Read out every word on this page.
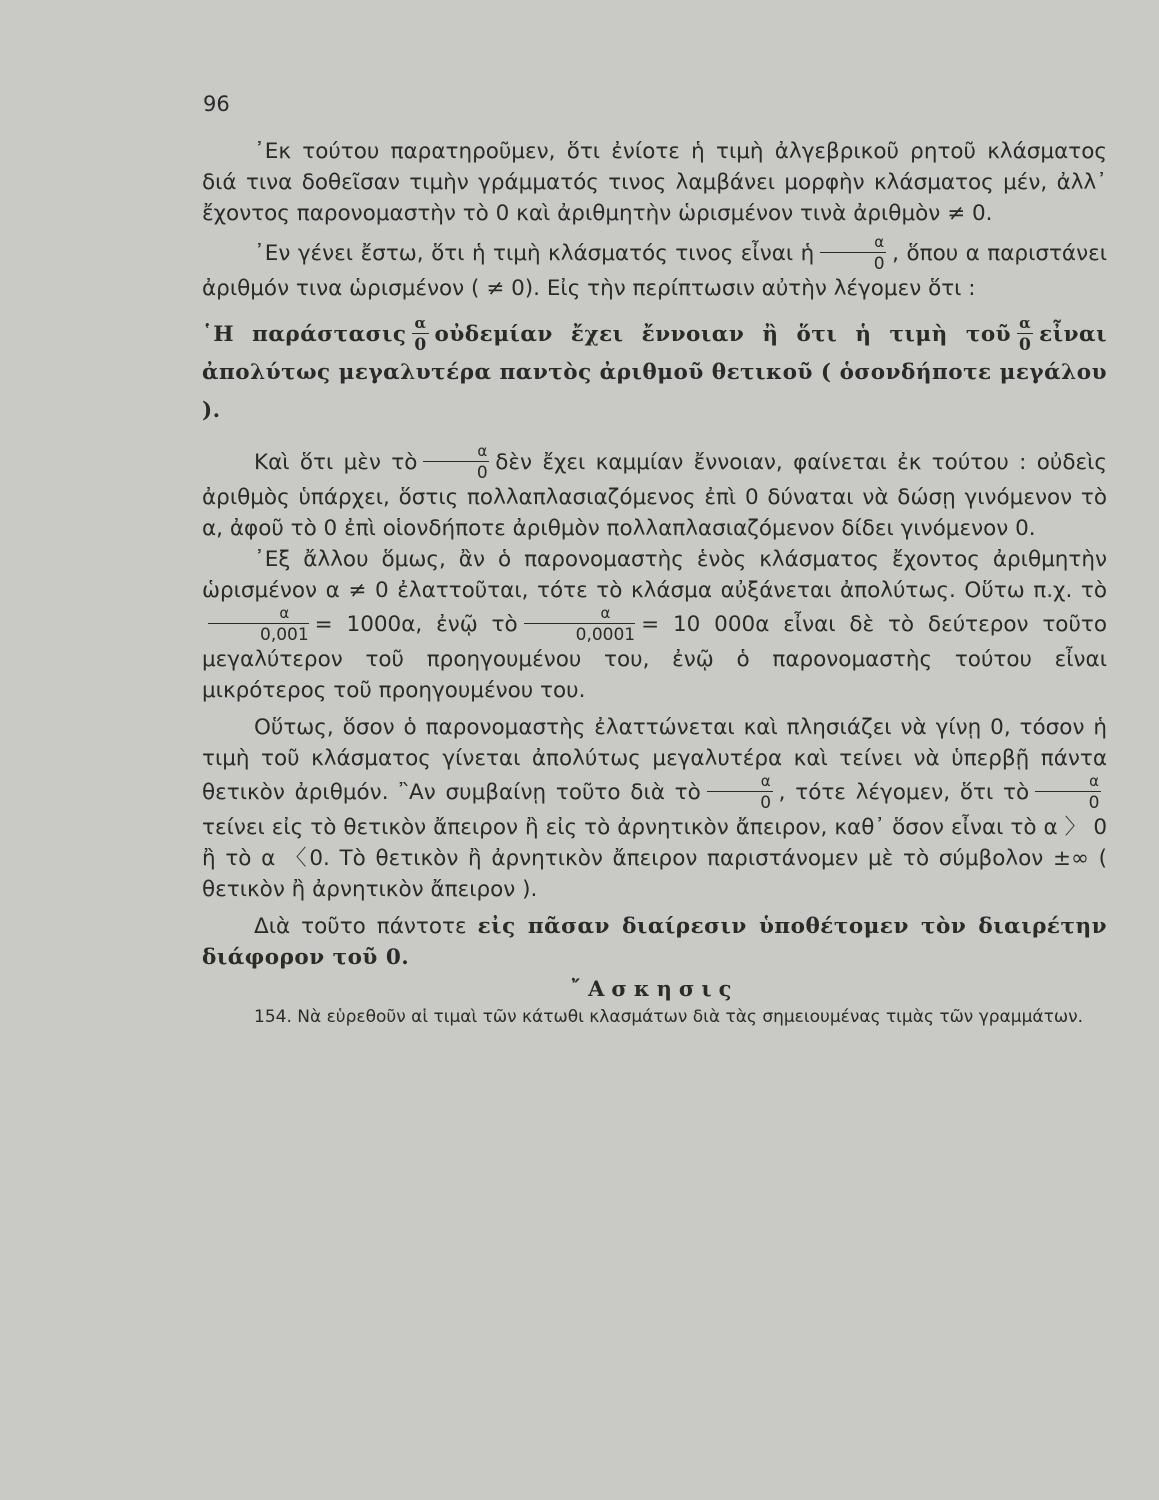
96

᾿Εκ τούτου παρατηροῦμεν, ὅτι ἐνίοτε ἡ τιμὴ ἀλγεβρικοῦ ρητοῦ κλάσματος διά τινα δοθεῖσαν τιμὴν γράμματός τινος λαμβάνει μορφὴν κλάσματος μέν, ἀλλ᾿ ἔχοντος παρονομαστὴν τὸ 0 καὶ ἀριθμητὴν ὡρισμένον τινὰ ἀριθμὸν ≠ 0.

᾿Εν γένει ἔστω, ὅτι ἡ τιμὴ κλάσματός τινος εἶναι ἡ $\frac{\alpha}{0}$ , ὅπου α παριστάνει ἀριθμόν τινα ὡρισμένον ( ≠ 0). Εἰς τὴν περίπτωσιν αὐτὴν λέγομεν ὅτι :

῾Η παράστασις $\frac{\alpha}{0}$ οὐδεμίαν ἔχει ἔννοιαν ἢ ὅτι ἡ τιμὴ τοῦ $\frac{\alpha}{0}$ εἶναι ἀπολύτως μεγαλυτέρα παντὸς ἀριθμοῦ θετικοῦ ( ὁσονδήποτε μεγάλου ).

Καὶ ὅτι μὲν τὸ $\frac{\alpha}{0}$ δὲν ἔχει καμμίαν ἔννοιαν, φαίνεται ἐκ τούτου : οὐδεὶς ἀριθμὸς ὑπάρχει, ὅστις πολλαπλασιαζόμενος ἐπὶ 0 δύναται νὰ δώσῃ γινόμενον τὸ α, ἀφοῦ τὸ 0 ἐπὶ οἱονδήποτε ἀριθμὸν πολλαπλασιαζόμενον δίδει γινόμενον 0.

᾿Εξ ἄλλου ὅμως, ἂν ὁ παρονομαστὴς ἑνὸς κλάσματος ἔχοντος ἀριθμητὴν ὡρισμένον α ≠ 0 ἐλαττοῦται, τότε τὸ κλάσμα αὐξάνεται ἀπολύτως. Οὕτω π.χ. τὸ
$\frac{\alpha}{0,001} = 1000\alpha$, ἐνῷ τὸ $\frac{\alpha}{0,0001} = 10$ 000α εἶναι δὲ τὸ δεύτερον τοῦτο μεγαλύτερον τοῦ προηγουμένου του, ἐνῷ ὁ παρονομαστὴς τούτου εἶναι μικρότερος τοῦ προηγουμένου του.

Οὕτως, ὅσον ὁ παρονομαστὴς ἐλαττώνεται καὶ πλησιάζει νὰ γίνῃ 0, τόσον ἡ τιμὴ τοῦ κλάσματος γίνεται ἀπολύτως μεγαλυτέρα καὶ τείνει νὰ ὑπερβῇ πάντα θετικὸν ἀριθμόν. ῍Αν συμβαίνῃ τοῦτο διὰ τὸ $\frac{\alpha}{0}$ , τότε λέγομεν, ὅτι τὸ $\frac{\alpha}{0}$
τείνει εἰς τὸ θετικὸν ἄπειρον ἢ εἰς τὸ ἀρνητικὸν ἄπειρον, καθ᾿ ὅσον εἶναι τὸ α 〉 0 ἢ τὸ α 〈0. Τὸ θετικὸν ἢ ἀρνητικὸν ἄπειρον παριστάνομεν μὲ τὸ σύμβολον ±∞ ( θετικὸν ἢ ἀρνητικὸν ἄπειρον ).

Διὰ τοῦτο πάντοτε εἰς πᾶσαν διαίρεσιν ὑποθέτομεν τὸν διαιρέτην διάφορον τοῦ 0.

῎Ασκησις

154. Νὰ εὑρεθοῦν αἱ τιμαὶ τῶν κάτωθι κλασμάτων διὰ τὰς σημειουμένας τιμὰς τῶν γραμμάτων.
